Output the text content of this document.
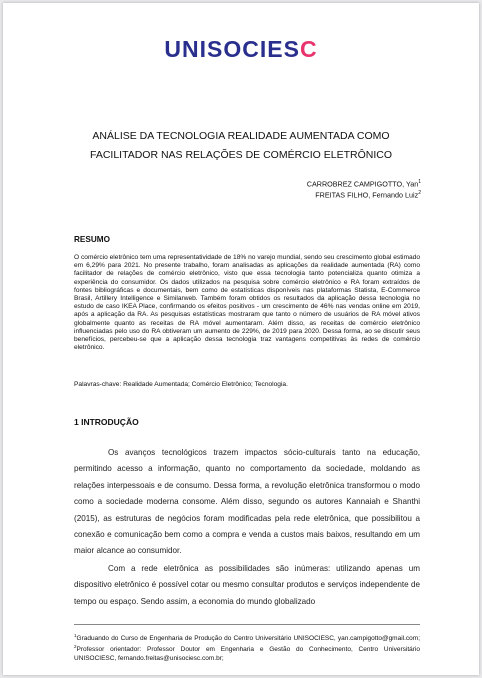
UNISOCIESC
ANÁLISE DA TECNOLOGIA REALIDADE AUMENTADA COMO
FACILITADOR NAS RELAÇÕES DE COMÉRCIO ELETRÔNICO
CARROBREZ CAMPIGOTTO, Yan$^1$
FREITAS FILHO, Fernando Luiz$^2$
RESUMO
O comércio eletrônico tem uma representatividade de 18% no varejo mundial, sendo seu crescimento global estimado em 6,29% para 2021. No presente trabalho, foram analisadas as aplicações da realidade aumentada (RA) como facilitador de relações de comércio eletrônico, visto que essa tecnologia tanto potencializa quanto otimiza a experiência do consumidor. Os dados utilizados na pesquisa sobre comércio eletrônico e RA foram extraídos de fontes bibliográficas e documentais, bem como de estatísticas disponíveis nas plataformas Statista, E-Commerce Brasil, Artillery Intelligence e Similarweb. Também foram obtidos os resultados da aplicação dessa tecnologia no estudo de caso IKEA Place, confirmando os efeitos positivos - um crescimento de 46% nas vendas online em 2019, após a aplicação da RA. As pesquisas estatísticas mostraram que tanto o número de usuários de RA móvel ativos globalmente quanto as receitas de RA móvel aumentaram. Além disso, as receitas de comércio eletrônico influenciadas pelo uso do RA obtiveram um aumento de 229%, de 2019 para 2020. Dessa forma, ao se discutir seus benefícios, percebeu-se que a aplicação dessa tecnologia traz vantagens competitivas às redes de comércio eletrônico.
Palavras-chave: Realidade Aumentada; Comércio Eletrônico; Tecnologia.
1 INTRODUÇÃO
Os avanços tecnológicos trazem impactos sócio-culturais tanto na educação, permitindo acesso a informação, quanto no comportamento da sociedade, moldando as relações interpessoais e de consumo. Dessa forma, a revolução eletrônica transformou o modo como a sociedade moderna consome. Além disso, segundo os autores Kannaiah e Shanthi (2015), as estruturas de negócios foram modificadas pela rede eletrônica, que possibilitou a conexão e comunicação bem como a compra e venda a custos mais baixos, resultando em um maior alcance ao consumidor.
Com a rede eletrônica as possibilidades são inúmeras: utilizando apenas um dispositivo eletrônico é possível cotar ou mesmo consultar produtos e serviços independente de tempo ou espaço. Sendo assim, a economia do mundo globalizado
$^1$Graduando do Curso de Engenharia de Produção do Centro Universitário UNISOCIESC, yan.campigotto@gmail.com; $^2$Professor orientador: Professor Doutor em Engenharia e Gestão do Conhecimento, Centro Universitário UNISOCIESC, fernando.freitas@unisociesc.com.br;
